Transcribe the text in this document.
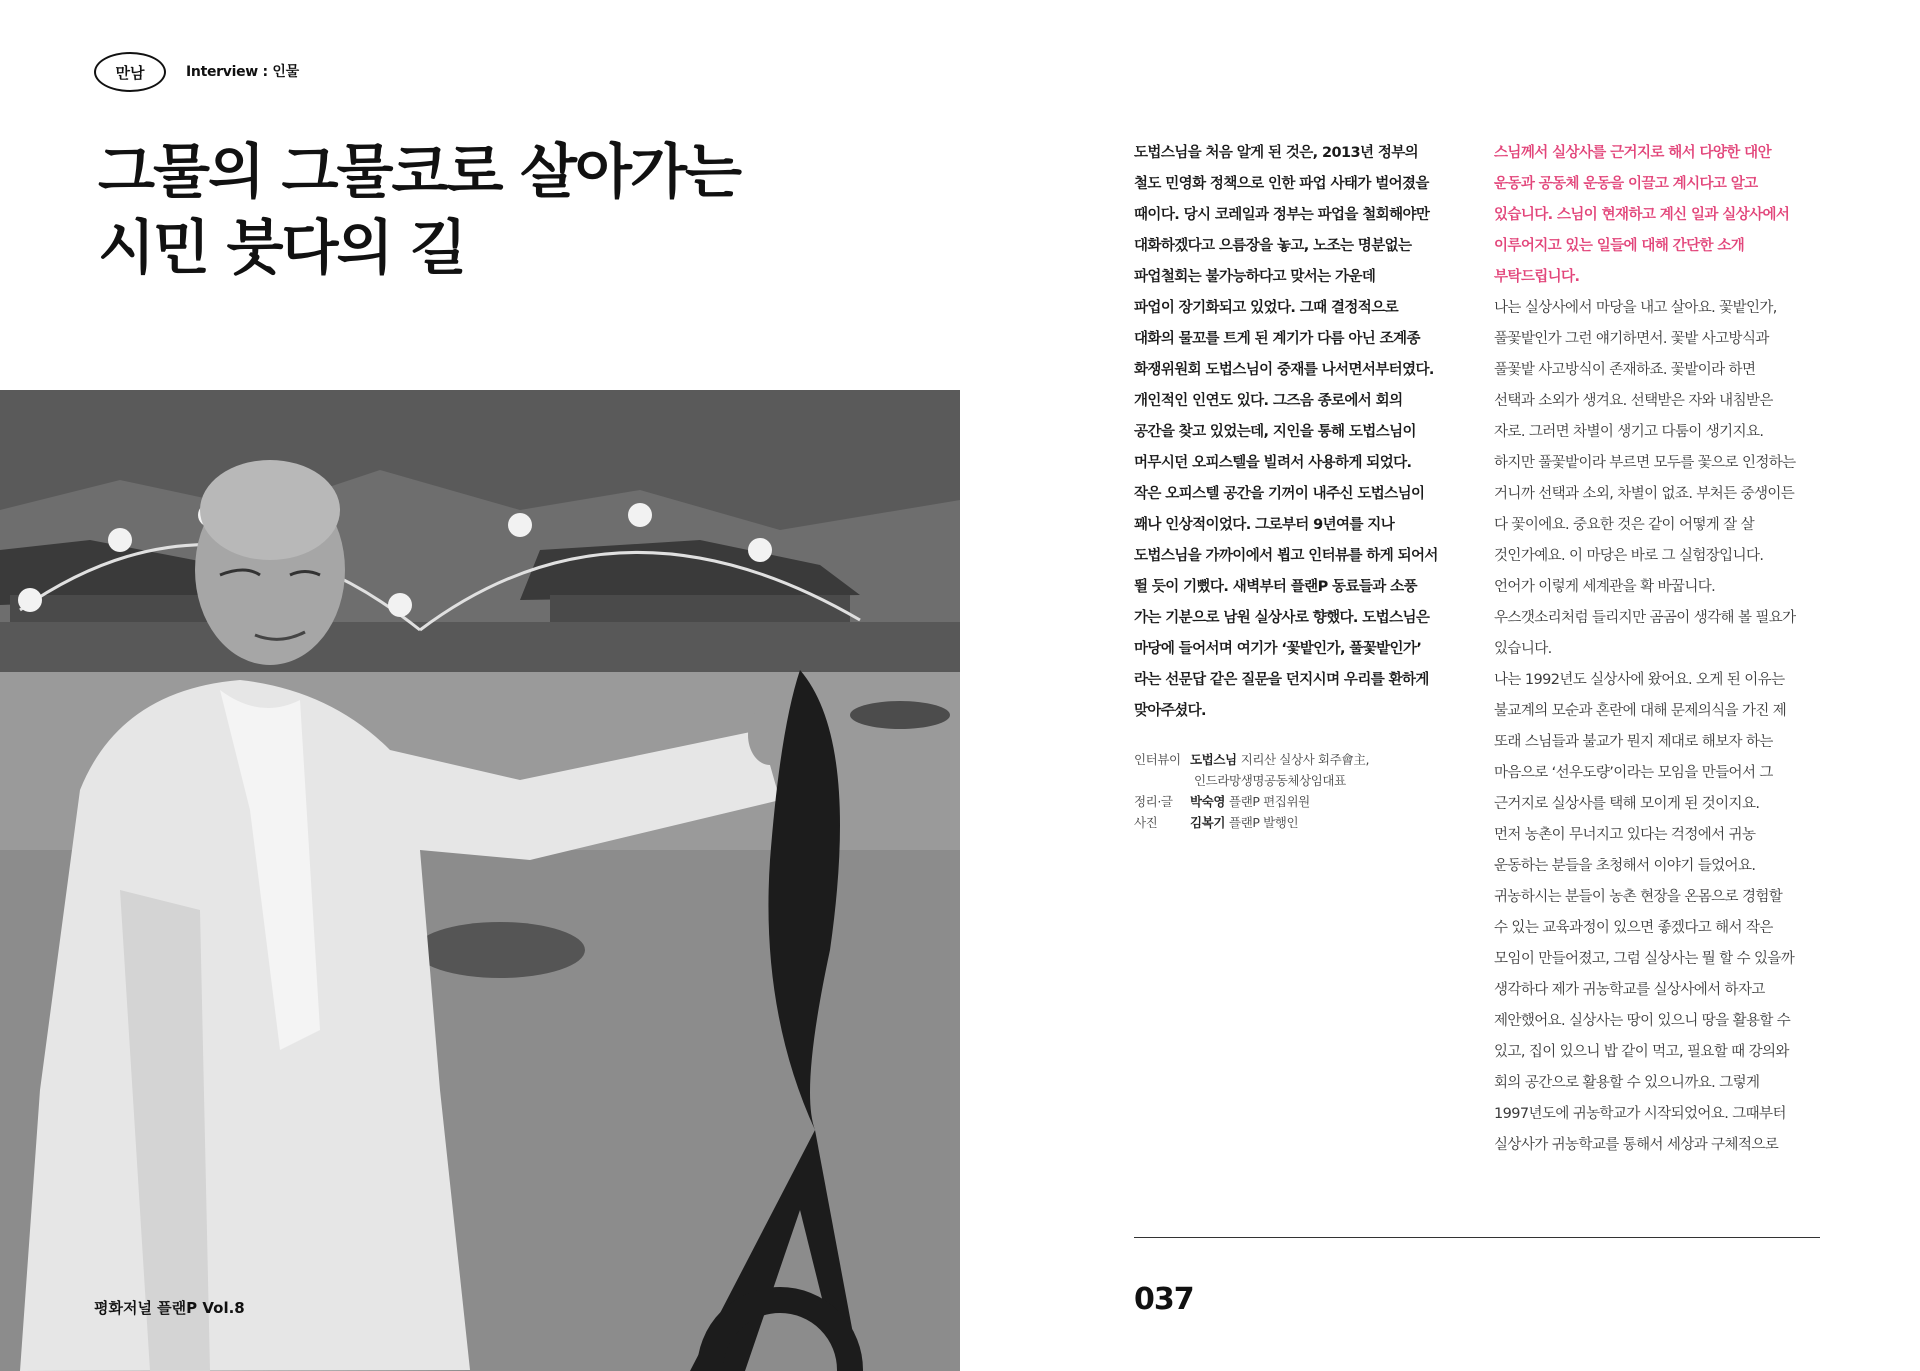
만남	Interview : 인물
그물의 그물코로 살아가는
시민 붓다의 길
평화저널 플랜P Vol.8
도법스님을 처음 알게 된 것은, 2013년 정부의
철도 민영화 정책으로 인한 파업 사태가 벌어졌을
때이다. 당시 코레일과 정부는 파업을 철회해야만
대화하겠다고 으름장을 놓고, 노조는 명분없는
파업철회는 불가능하다고 맞서는 가운데
파업이 장기화되고 있었다. 그때 결정적으로
대화의 물꼬를 트게 된 계기가 다름 아닌 조계종
화쟁위원회 도법스님이 중재를 나서면서부터였다.
개인적인 인연도 있다. 그즈음 종로에서 회의
공간을 찾고 있었는데, 지인을 통해 도법스님이
머무시던 오피스텔을 빌려서 사용하게 되었다.
작은 오피스텔 공간을 기꺼이 내주신 도법스님이
꽤나 인상적이었다. 그로부터 9년여를 지나
도법스님을 가까이에서 뵙고 인터뷰를 하게 되어서
뛸 듯이 기뻤다. 새벽부터 플랜P 동료들과 소풍
가는 기분으로 남원 실상사로 향했다. 도법스님은
마당에 들어서며 여기가 ‘꽃밭인가, 풀꽃밭인가’
라는 선문답 같은 질문을 던지시며 우리를 환하게
맞아주셨다.
인터뷰이 도법스님 지리산 실상사 회주會主,
인드라망생명공동체상임대표
정리·글	박숙영 플랜P 편집위원
사진	김복기 플랜P 발행인
스님께서 실상사를 근거지로 해서 다양한 대안
운동과 공동체 운동을 이끌고 계시다고 알고
있습니다. 스님이 현재하고 계신 일과 실상사에서
이루어지고 있는 일들에 대해 간단한 소개
부탁드립니다.
나는 실상사에서 마당을 내고 살아요. 꽃밭인가,
풀꽃밭인가 그런 얘기하면서. 꽃밭 사고방식과
풀꽃밭 사고방식이 존재하죠. 꽃밭이라 하면
선택과 소외가 생겨요. 선택받은 자와 내침받은
자로. 그러면 차별이 생기고 다툼이 생기지요.
하지만 풀꽃밭이라 부르면 모두를 꽃으로 인정하는
거니까 선택과 소외, 차별이 없죠. 부처든 중생이든
다 꽃이에요. 중요한 것은 같이 어떻게 잘 살
것인가예요. 이 마당은 바로 그 실험장입니다.
언어가 이렇게 세계관을 확 바꿉니다.
우스갯소리처럼 들리지만 곰곰이 생각해 볼 필요가
있습니다.
나는 1992년도 실상사에 왔어요. 오게 된 이유는
불교계의 모순과 혼란에 대해 문제의식을 가진 제
또래 스님들과 불교가 뭔지 제대로 해보자 하는
마음으로 ‘선우도량’이라는 모임을 만들어서 그
근거지로 실상사를 택해 모이게 된 것이지요.
먼저 농촌이 무너지고 있다는 걱정에서 귀농
운동하는 분들을 초청해서 이야기 들었어요.
귀농하시는 분들이 농촌 현장을 온몸으로 경험할
수 있는 교육과정이 있으면 좋겠다고 해서 작은
모임이 만들어졌고, 그럼 실상사는 뭘 할 수 있을까
생각하다 제가 귀농학교를 실상사에서 하자고
제안했어요. 실상사는 땅이 있으니 땅을 활용할 수
있고, 집이 있으니 밥 같이 먹고, 필요할 때 강의와
회의 공간으로 활용할 수 있으니까요. 그렇게
1997년도에 귀농학교가 시작되었어요. 그때부터
실상사가 귀농학교를 통해서 세상과 구체적으로
037
